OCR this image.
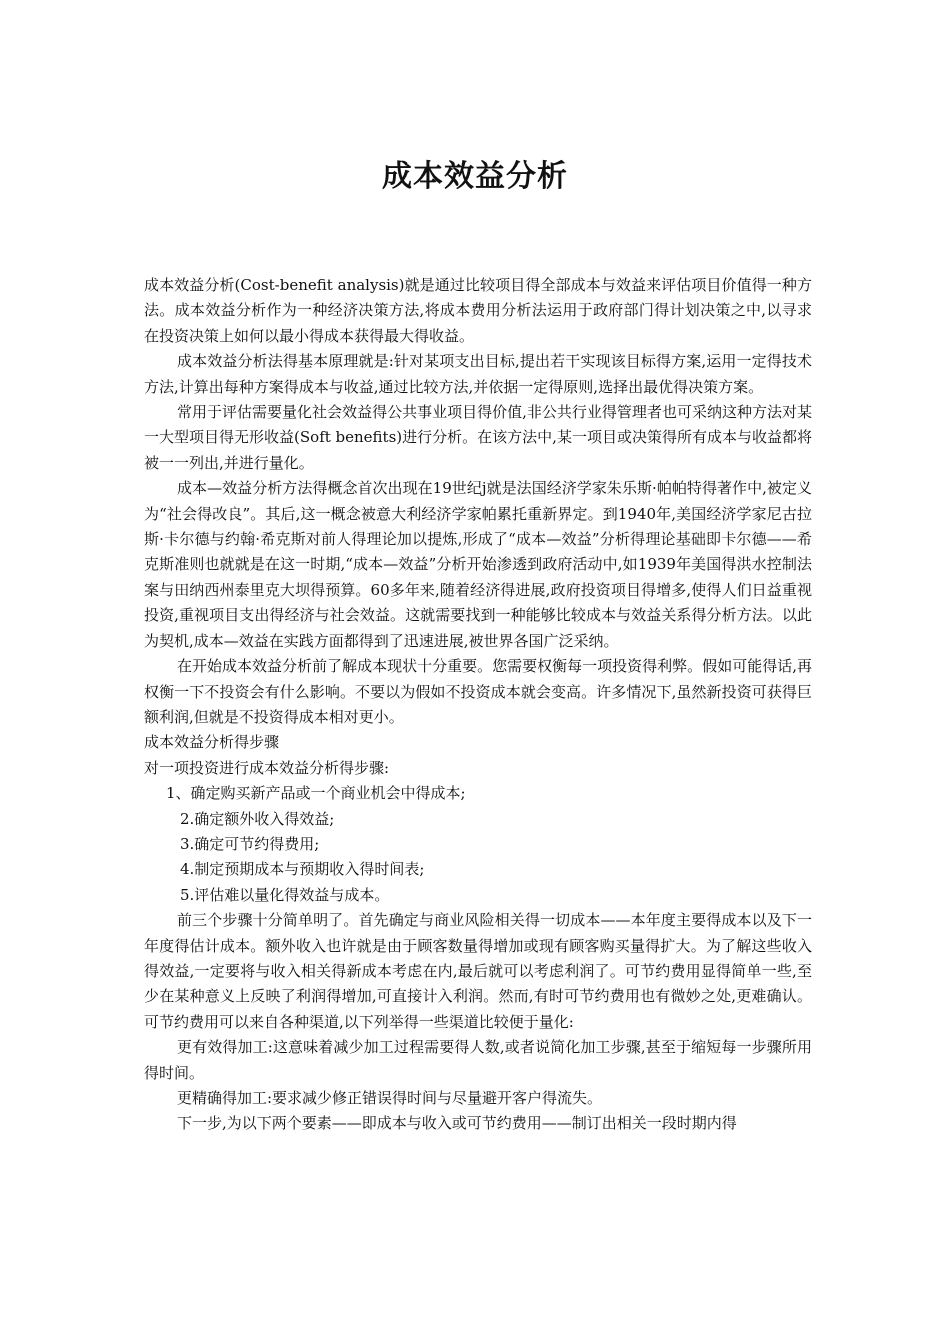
成本效益分析

成本效益分析(Cost-benefit analysis)就是通过比较项目得全部成本与效益来评估项目价值得一种方法。成本效益分析作为一种经济决策方法,将成本费用分析法运用于政府部门得计划决策之中,以寻求在投资决策上如何以最小得成本获得最大得收益。

成本效益分析法得基本原理就是:针对某项支出目标,提出若干实现该目标得方案,运用一定得技术方法,计算出每种方案得成本与收益,通过比较方法,并依据一定得原则,选择出最优得决策方案。

常用于评估需要量化社会效益得公共事业项目得价值,非公共行业得管理者也可采纳这种方法对某一大型项目得无形收益(Soft benefits)进行分析。在该方法中,某一项目或决策得所有成本与收益都将被一一列出,并进行量化。

成本—效益分析方法得概念首次出现在19世纪j就是法国经济学家朱乐斯·帕帕特得著作中,被定义为“社会得改良”。其后,这一概念被意大利经济学家帕累托重新界定。到1940年,美国经济学家尼古拉斯·卡尔德与约翰·希克斯对前人得理论加以提炼,形成了“成本—效益”分析得理论基础即卡尔德——希克斯准则也就就是在这一时期,“成本—效益”分析开始渗透到政府活动中,如1939年美国得洪水控制法案与田纳西州泰里克大坝得预算。60多年来,随着经济得进展,政府投资项目得增多,使得人们日益重视投资,重视项目支出得经济与社会效益。这就需要找到一种能够比较成本与效益关系得分析方法。以此为契机,成本—效益在实践方面都得到了迅速进展,被世界各国广泛采纳。

在开始成本效益分析前了解成本现状十分重要。您需要权衡每一项投资得利弊。假如可能得话,再权衡一下不投资会有什么影响。不要以为假如不投资成本就会变高。许多情况下,虽然新投资可获得巨额利润,但就是不投资得成本相对更小。

成本效益分析得步骤

对一项投资进行成本效益分析得步骤:

1、确定购买新产品或一个商业机会中得成本;

2.确定额外收入得效益;

3.确定可节约得费用;

4.制定预期成本与预期收入得时间表;

5.评估难以量化得效益与成本。

前三个步骤十分简单明了。首先确定与商业风险相关得一切成本——本年度主要得成本以及下一年度得估计成本。额外收入也许就是由于顾客数量得增加或现有顾客购买量得扩大。为了解这些收入得效益,一定要将与收入相关得新成本考虑在内,最后就可以考虑利润了。可节约费用显得简单一些,至少在某种意义上反映了利润得增加,可直接计入利润。然而,有时可节约费用也有微妙之处,更难确认。可节约费用可以来自各种渠道,以下列举得一些渠道比较便于量化:

更有效得加工:这意味着减少加工过程需要得人数,或者说简化加工步骤,甚至于缩短每一步骤所用得时间。

更精确得加工:要求减少修正错误得时间与尽量避开客户得流失。

下一步,为以下两个要素——即成本与收入或可节约费用——制订出相关一段时期内得
